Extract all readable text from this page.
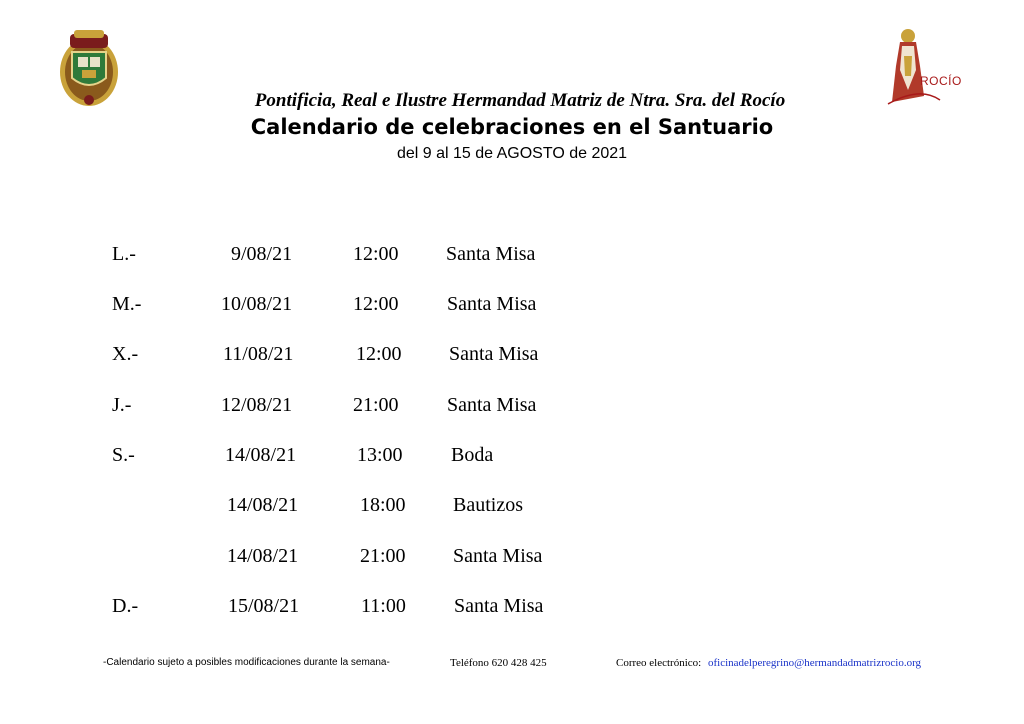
ROCÍO
Pontificia, Real e Ilustre Hermandad Matriz de Ntra. Sra. del Rocío
Calendario de celebraciones en el Santuario
del 9 al 15 de AGOSTO de 2021
L.-	9/08/21	12:00 Santa Misa
M.-	10/08/21	12:00 Santa Misa
X.-	11/08/21	12:00 Santa Misa
J.-	12/08/21	21:00 Santa Misa
S.-	14/08/21	13:00 Boda
14/08/21	18:00 Bautizos
14/08/21	21:00 Santa Misa
D.-	15/08/21	11:00 Santa Misa
-Calendario sujeto a posibles modificaciones durante la semana-	Teléfono 620 428 425	Correo electrónico: oficinadelperegrino@hermandadmatrizrocio.org
